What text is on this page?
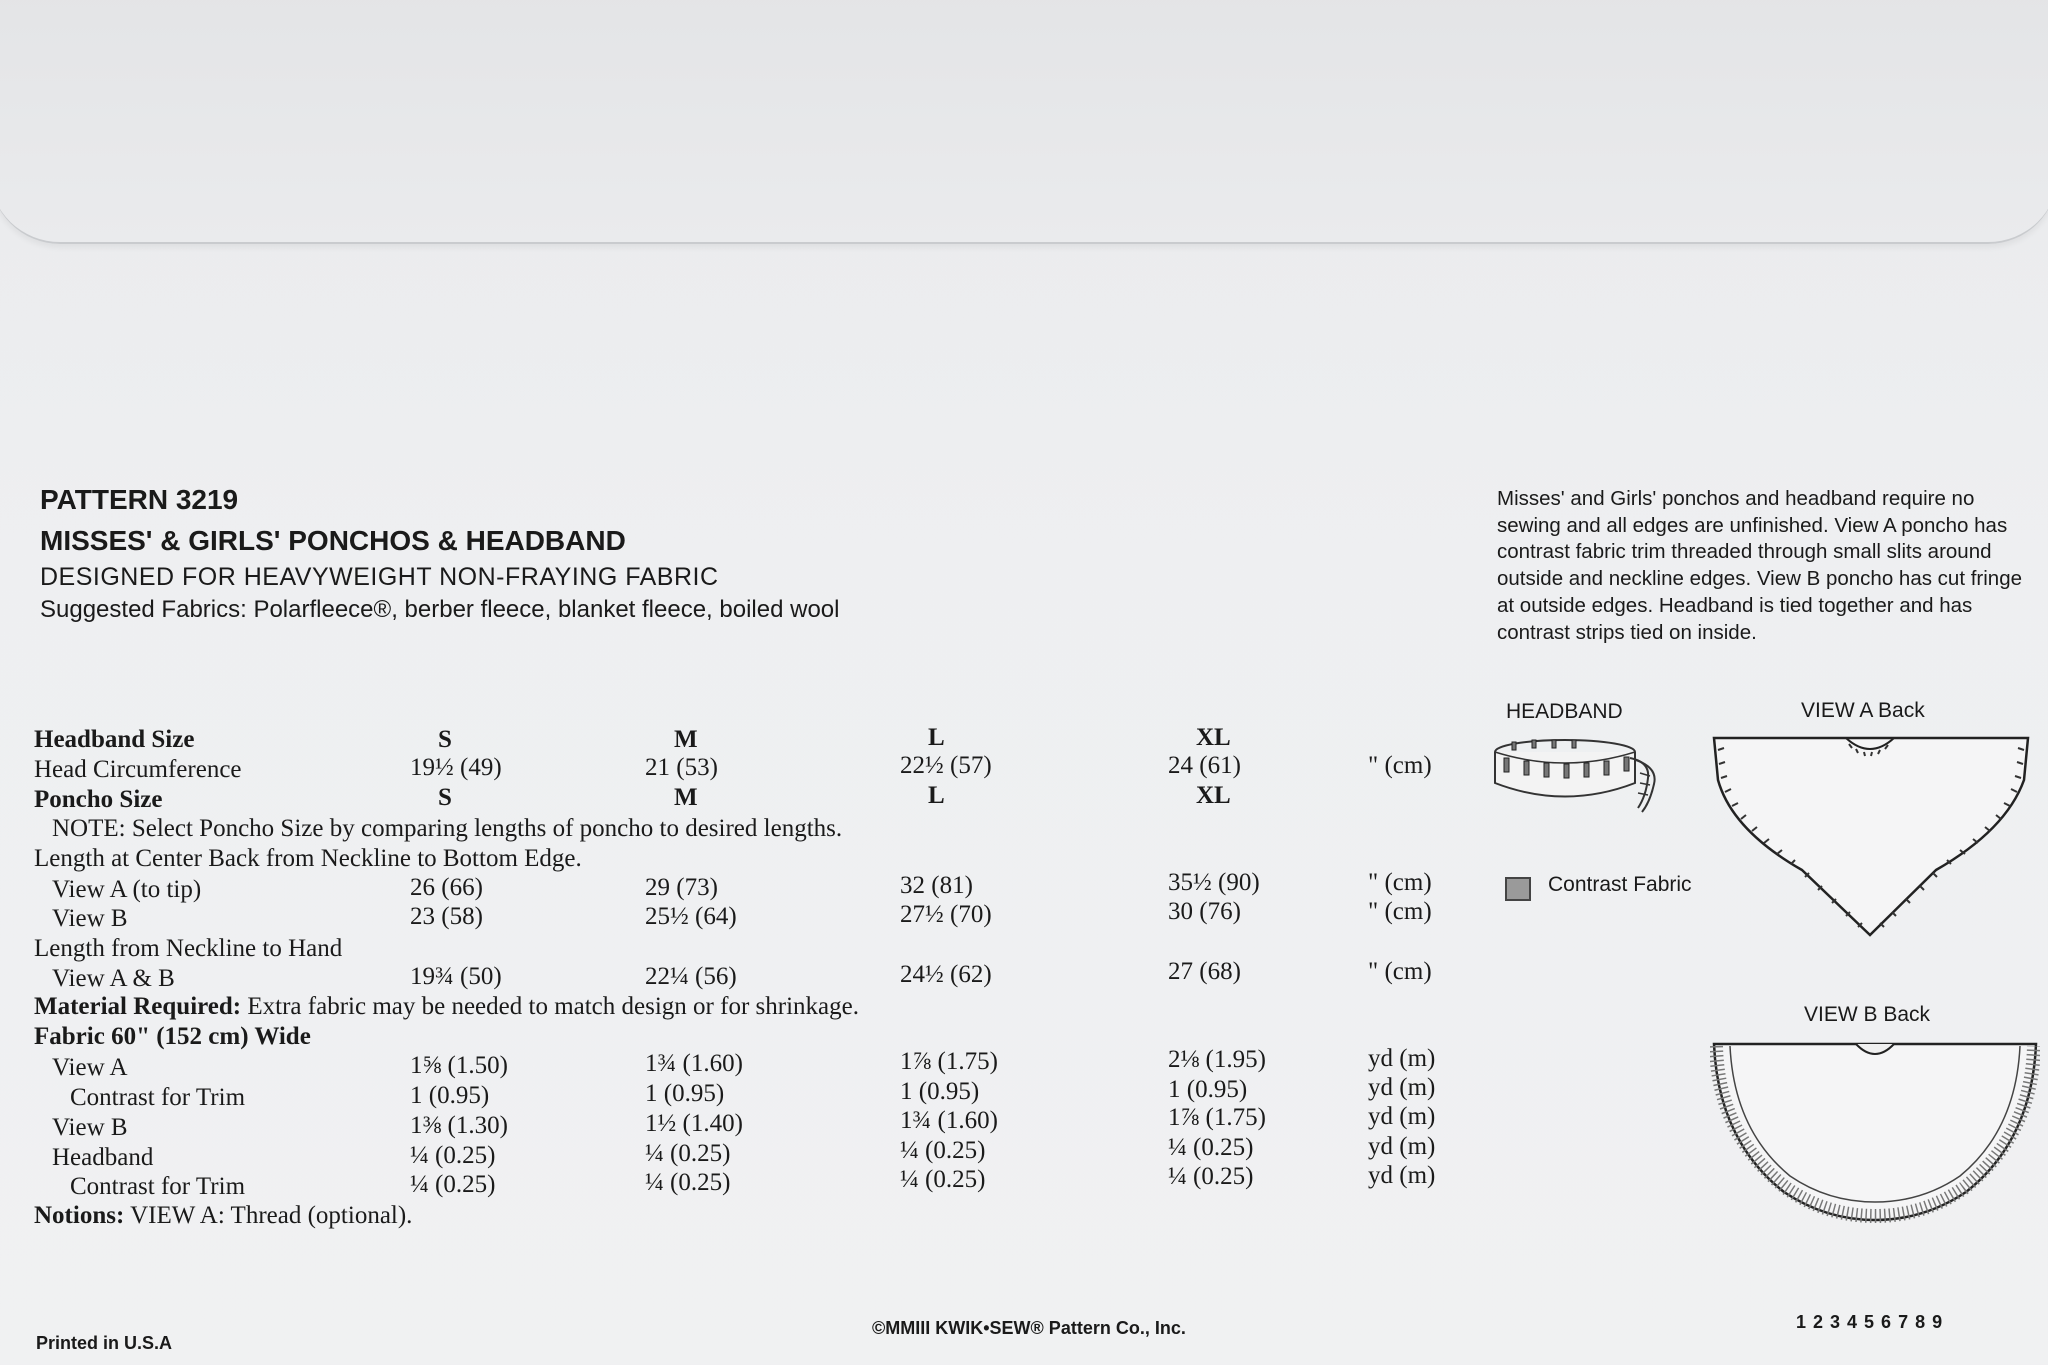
PATTERN 3219
MISSES' & GIRLS' PONCHOS & HEADBAND
DESIGNED FOR HEAVYWEIGHT NON-FRAYING FABRIC
Suggested Fabrics: Polarfleece®, berber fleece, blanket fleece, boiled wool
Misses' and Girls' ponchos and headband require no sewing and all edges are unfinished. View A poncho has contrast fabric trim threaded through small slits around outside and neckline edges. View B poncho has cut fringe at outside edges. Headband is tied together and has contrast strips tied on inside.
Headband Size	S	M	L	XL
Head Circumference	19½ (49)	21 (53)	22½ (57)	24 (61)	" (cm)
Poncho Size	S	M	L	XL
NOTE: Select Poncho Size by comparing lengths of poncho to desired lengths.
Length at Center Back from Neckline to Bottom Edge.
View A (to tip)	26 (66)	29 (73)	32 (81)	35½ (90)	" (cm)
View B	23 (58)	25½ (64)	27½ (70)	30 (76)	" (cm)
Length from Neckline to Hand
View A & B	19¾ (50)	22¼ (56)	24½ (62)	27 (68)	" (cm)
Material Required: Extra fabric may be needed to match design or for shrinkage.
Fabric 60" (152 cm) Wide
View A	1⅝ (1.50)	1¾ (1.60)	1⅞ (1.75)	2⅛ (1.95)	yd (m)
Contrast for Trim	1 (0.95)	1 (0.95)	1 (0.95)	1 (0.95)	yd (m)
View B	1⅜ (1.30)	1½ (1.40)	1¾ (1.60)	1⅞ (1.75)	yd (m)
Headband	¼ (0.25)	¼ (0.25)	¼ (0.25)	¼ (0.25)	yd (m)
Contrast for Trim	¼ (0.25)	¼ (0.25)	¼ (0.25)	¼ (0.25)	yd (m)
Notions: VIEW A: Thread (optional).
HEADBAND	VIEW A Back
VIEW B Back
Contrast Fabric
Printed in U.S.A
©MMIII KWIK•SEW® Pattern Co., Inc.	1 2 3 4 5 6 7 8 9
